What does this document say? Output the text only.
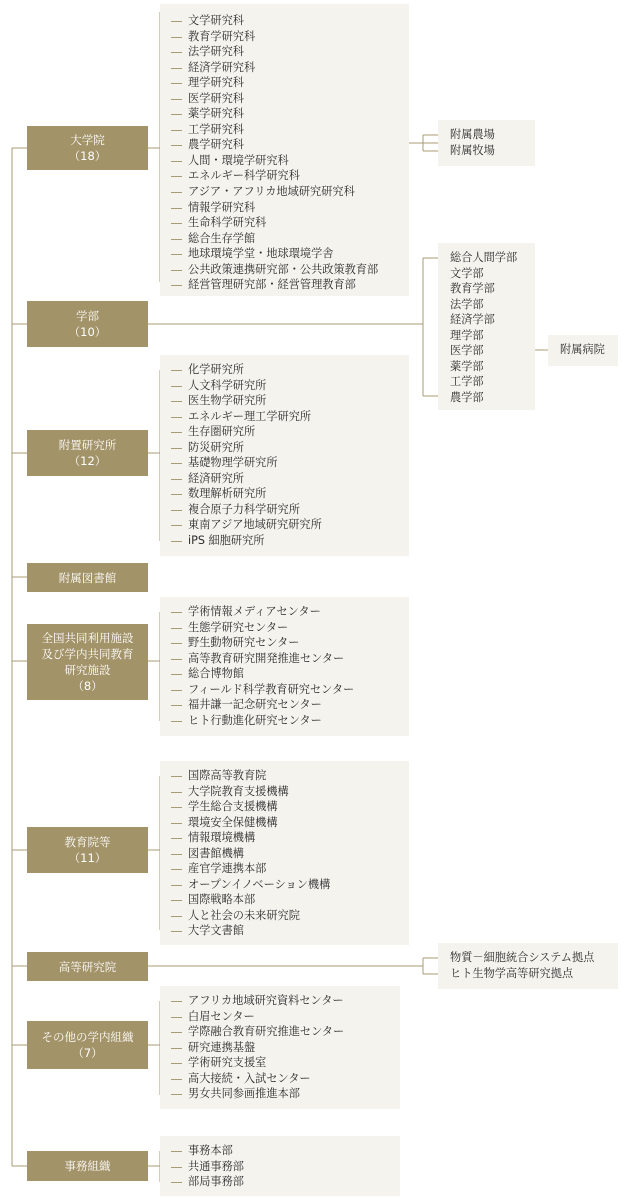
文学研究科
教育学研究科
法学研究科
経済学研究科
理学研究科
医学研究科
薬学研究科
工学研究科
農学研究科
人間・環境学研究科
エネルギー科学研究科
アジア・アフリカ地域研究研究科
情報学研究科
生命科学研究科
総合生存学館
地球環境学堂・地球環境学舎
公共政策連携研究部・公共政策教育部
経営管理研究部・経営管理教育部
大学院
（18）
附属農場
附属牧場
学部
（10）
総合人間学部
文学部
教育学部
法学部
経済学部
理学部
医学部
薬学部
工学部
農学部
附属病院
化学研究所
人文科学研究所
医生物学研究所
エネルギー理工学研究所
生存圏研究所
防災研究所
基礎物理学研究所
経済研究所
数理解析研究所
複合原子力科学研究所
東南アジア地域研究研究所
iPS 細胞研究所
附置研究所
（12）
附属図書館
学術情報メディアセンター
生態学研究センター
野生動物研究センター
高等教育研究開発推進センター
総合博物館
フィールド科学教育研究センター
福井謙一記念研究センター
ヒト行動進化研究センター
全国共同利用施設
及び学内共同教育
研究施設
（8）
国際高等教育院
大学院教育支援機構
学生総合支援機構
環境安全保健機構
情報環境機構
図書館機構
産官学連携本部
オープンイノベーション機構
国際戦略本部
人と社会の未来研究院
大学文書館
教育院等
（11）
高等研究院
物質－細胞統合システム拠点
ヒト生物学高等研究拠点
アフリカ地域研究資料センター
白眉センター
学際融合教育研究推進センター
研究連携基盤
学術研究支援室
高大接続・入試センター
男女共同参画推進本部
その他の学内組織
（7）
事務本部
共通事務部
部局事務部
事務組織
